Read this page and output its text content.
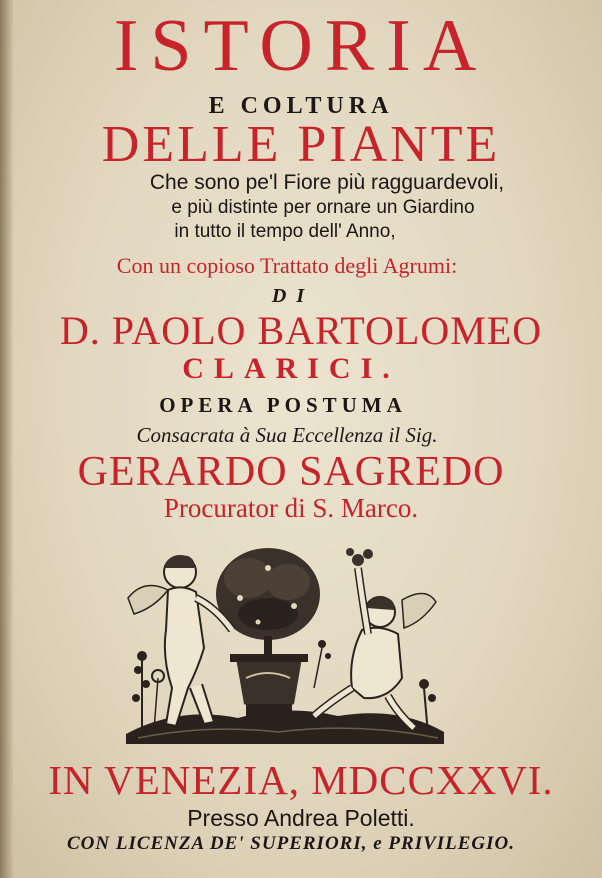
ISTORIA
E COLTURA
DELLE PIANTE
Che sono pe'l Fiore più ragguardevoli,
e più distinte per ornare un Giardino
in tutto il tempo dell' Anno,
Con un copioso Trattato degli Agrumi:
DI
D. PAOLO BARTOLOMEO
CLARICI.
OPERA POSTUMA
Consacrata à Sua Eccellenza il Sig.
GERARDO SAGREDO
Procurator di S. Marco.
IN VENEZIA, MDCCXXVI.
Presso Andrea Poletti.
CON LICENZA DE' SUPERIORI, e PRIVILEGIO.
